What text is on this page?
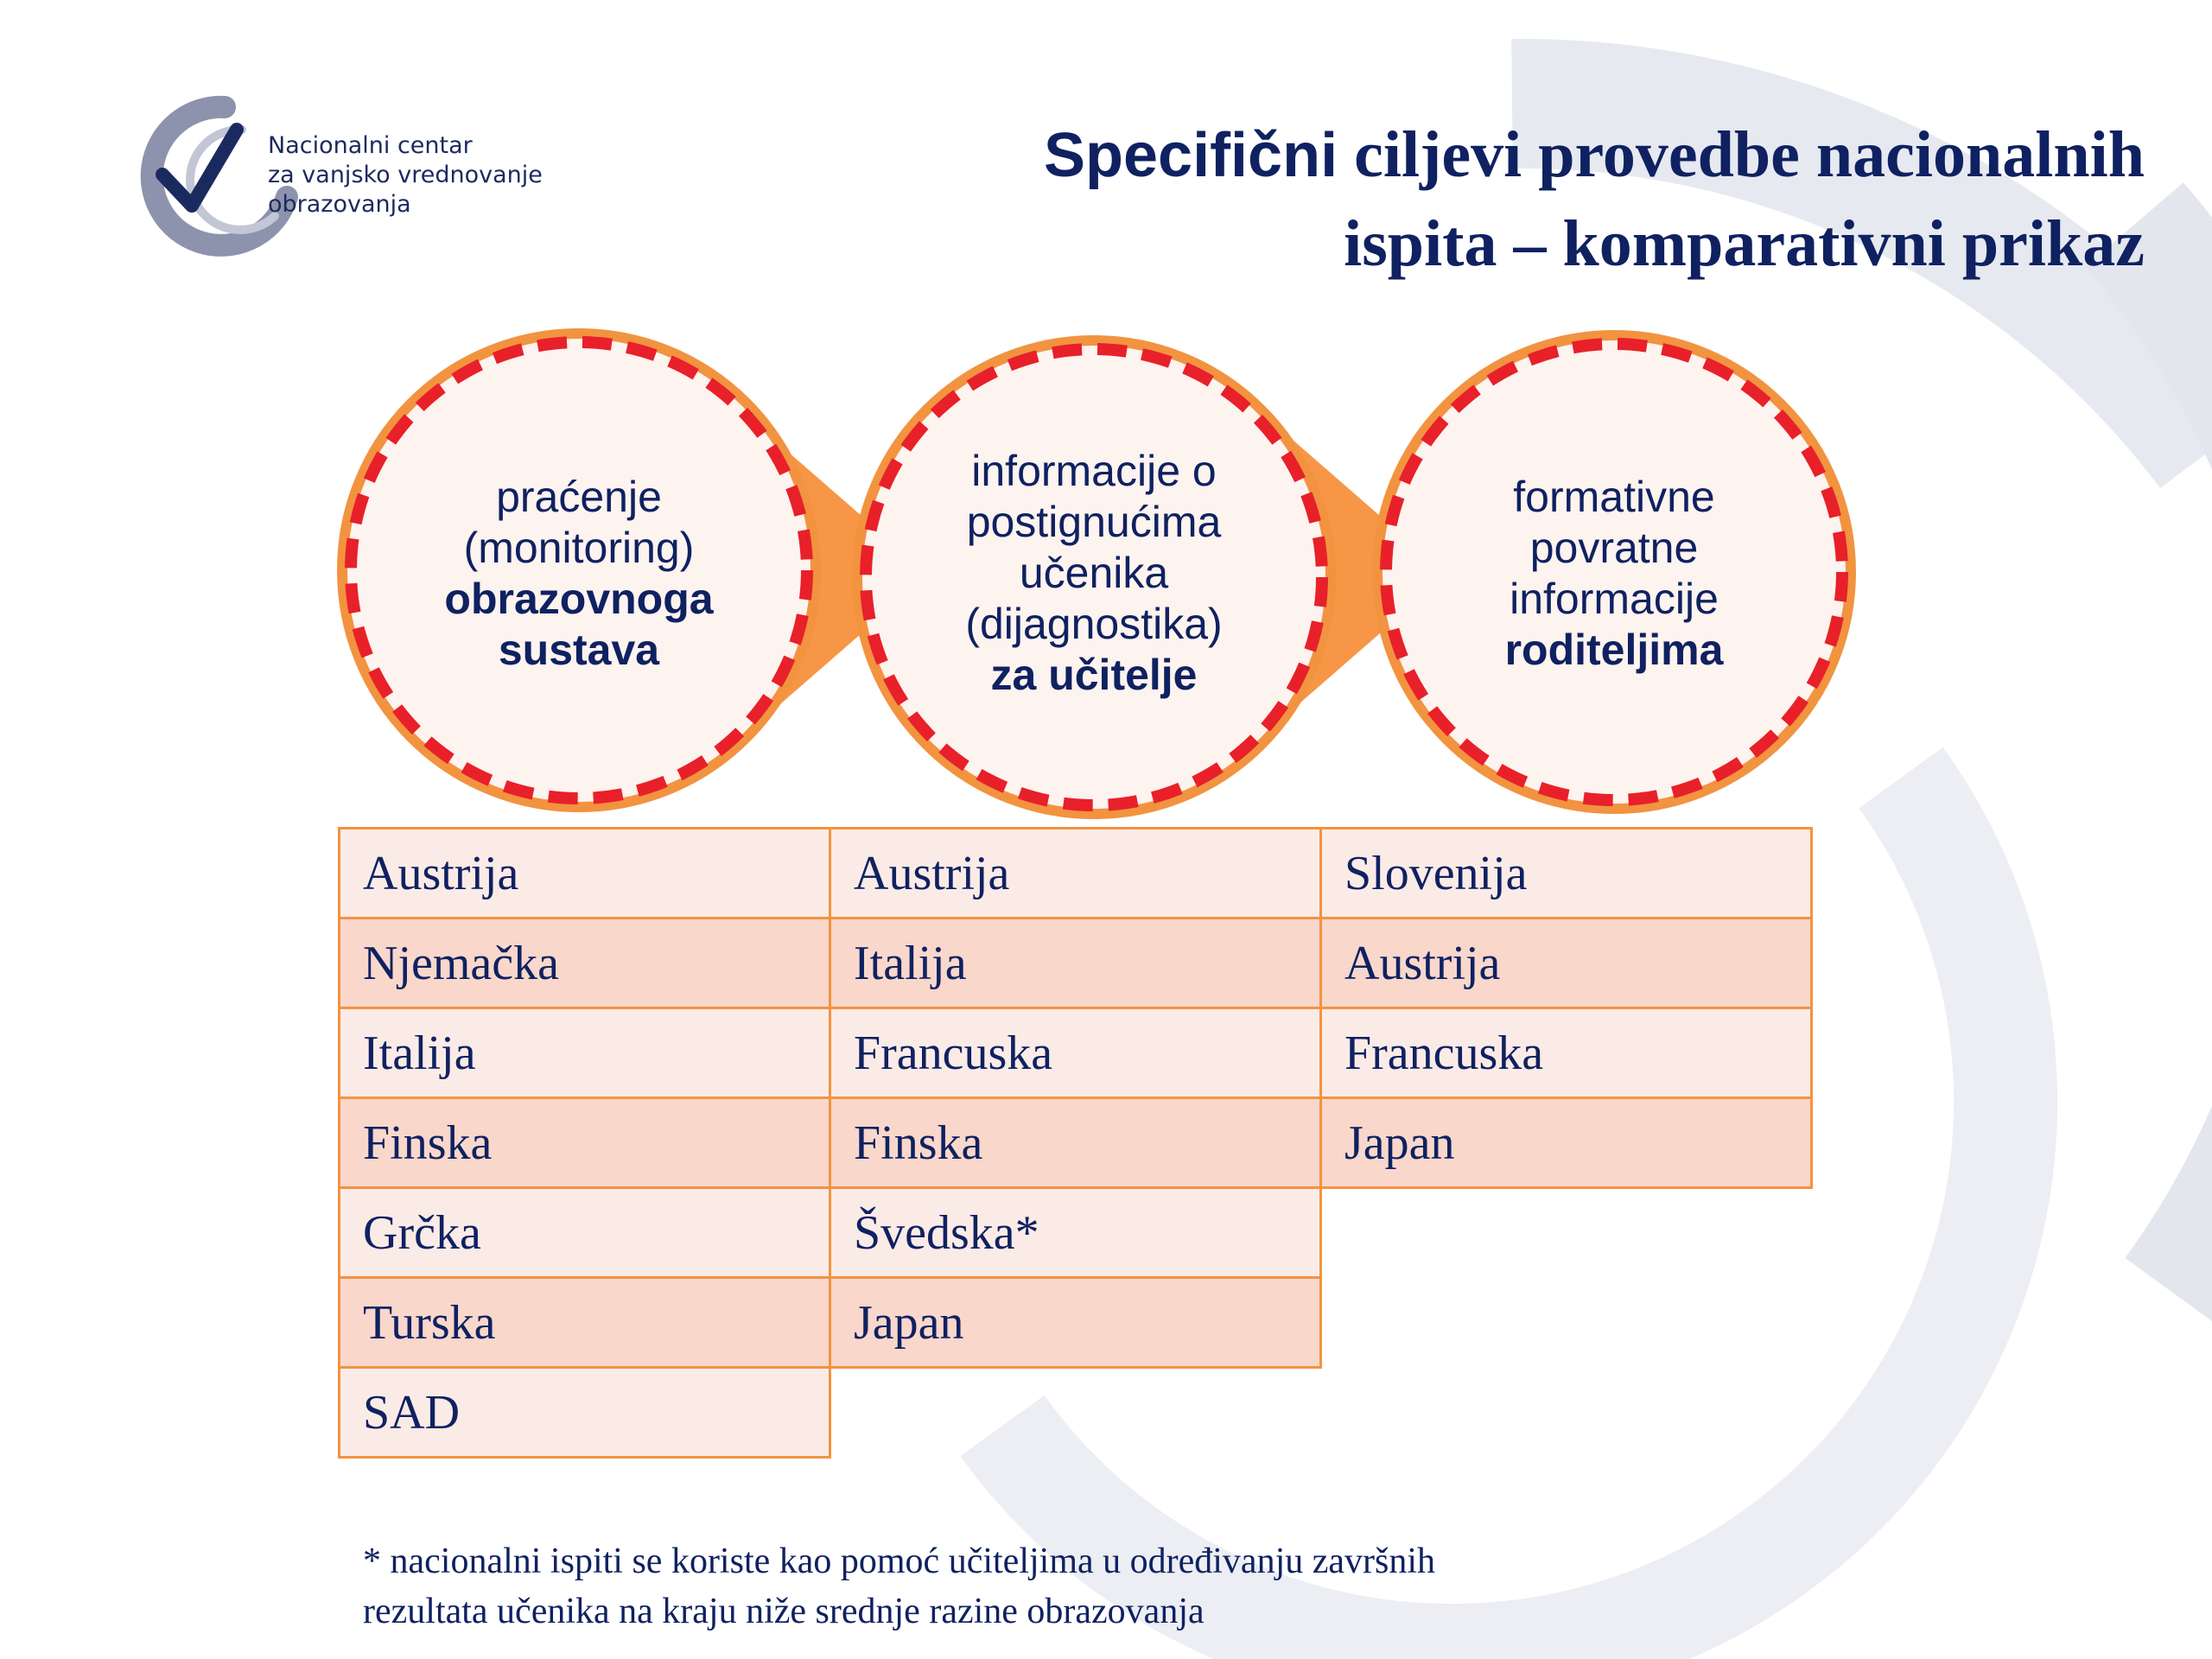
Nacionalni centar
za vanjsko vrednovanje
obrazovanja
Specifični ciljevi provedbe nacionalnih
ispita – komparativni prikaz
praćenje (monitoring)
obrazovnoga sustava
informacije o postignućima učenika (dijagnostika)
za učitelje
formativne povratne informacije
roditeljima
Austrija	Austrija	Slovenija
Njemačka	Italija	Austrija
Italija	Francuska	Francuska
Finska	Finska	Japan
Grčka	Švedska*	
Turska	Japan	
SAD		
* nacionalni ispiti se koriste kao pomoć učiteljima u određivanju završnih
rezultata učenika na kraju niže srednje razine obrazovanja
